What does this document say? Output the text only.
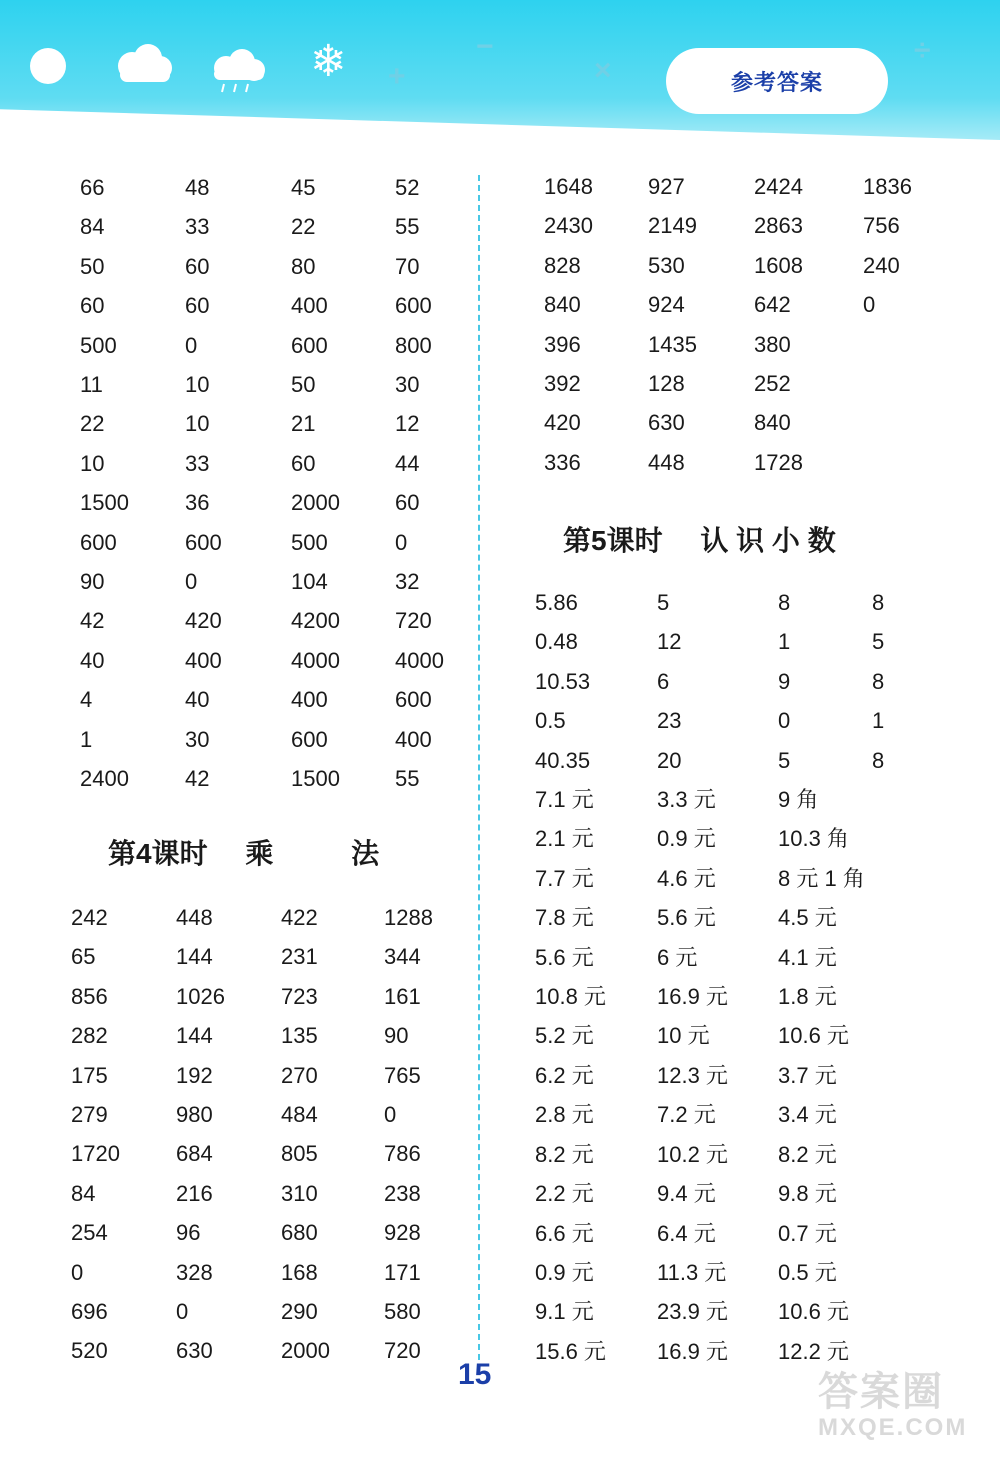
❄ +
−
×
÷
参考答案
66	48	45	52
84	33	22	55
50	60	80	70
60	60	400	600
500	0	600	800
11	10	50	30
22	10	21	12
10	33	60	44
1500	36	2000	60
600	600	500	0
90	0	104	32
42	420	4200	720
40	400	4000	4000
4	40	400	600
1	30	600	400
2400	42	1500	55
第4课时 乘	法
242	448	422	1288
65	144	231	344
856	1026	723	161
282	144	135	90
175	192	270	765
279	980	484	0
1720	684	805	786
84	216	310	238
254	96	680	928
0	328	168	171
696	0	290	580
520	630	2000	720
1648	927	2424	1836
2430	2149	2863	756
828	530	1608	240
840	924	642	0
396	1435	380
392	128	252
420	630	840
336	448	1728
第5课时 认 识 小 数
5.86	5	8	8
0.48	12	1	5
10.53	6	9	8
0.5	23	0	1
40.35	20	5	8
7.1 元	3.3 元	9 角
2.1 元	0.9 元	10.3 角
7.7 元	4.6 元	8 元 1 角
7.8 元	5.6 元	4.5 元
5.6 元	6 元	4.1 元
10.8 元	16.9 元	1.8 元
5.2 元	10 元	10.6 元
6.2 元	12.3 元	3.7 元
2.8 元	7.2 元	3.4 元
8.2 元	10.2 元	8.2 元
2.2 元	9.4 元	9.8 元
6.6 元	6.4 元	0.7 元
0.9 元	11.3 元	0.5 元
9.1 元	23.9 元	10.6 元
15.6 元	16.9 元	12.2 元
15	答案圈
MXQE.COM
